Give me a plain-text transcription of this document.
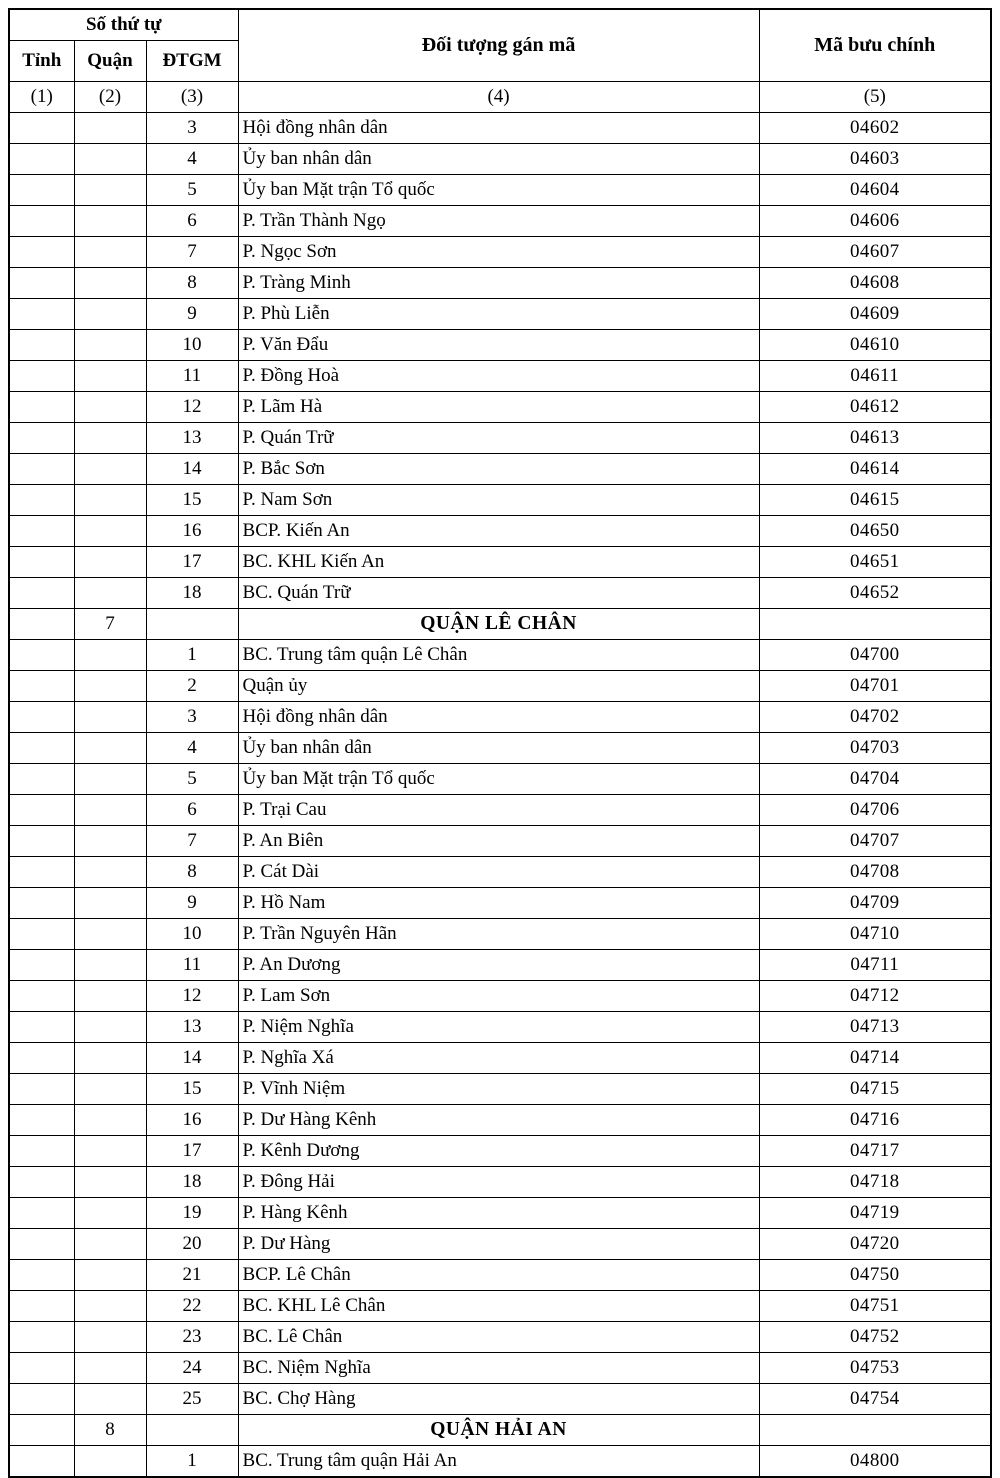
Số thứ tự			Đối tượng gán mã	Mã bưu chính
Tỉnh	Quận	ĐTGM		
(1)	(2)	(3)	(4)	(5)
		3	Hội đồng nhân dân	04602
		4	Ủy ban nhân dân	04603
		5	Ủy ban Mặt trận Tổ quốc	04604
		6	P. Trần Thành Ngọ	04606
		7	P. Ngọc Sơn	04607
		8	P. Tràng Minh	04608
		9	P. Phù Liễn	04609
		10	P. Văn Đẩu	04610
		11	P. Đồng Hoà	04611
		12	P. Lãm Hà	04612
		13	P. Quán Trữ	04613
		14	P. Bắc Sơn	04614
		15	P. Nam Sơn	04615
		16	BCP. Kiến An	04650
		17	BC. KHL Kiến An	04651
		18	BC. Quán Trữ	04652
	7		QUẬN LÊ CHÂN	
		1	BC. Trung tâm quận Lê Chân	04700
		2	Quận ủy	04701
		3	Hội đồng nhân dân	04702
		4	Ủy ban nhân dân	04703
		5	Ủy ban Mặt trận Tổ quốc	04704
		6	P. Trại Cau	04706
		7	P. An Biên	04707
		8	P. Cát Dài	04708
		9	P. Hồ Nam	04709
		10	P. Trần Nguyên Hãn	04710
		11	P. An Dương	04711
		12	P. Lam Sơn	04712
		13	P. Niệm Nghĩa	04713
		14	P. Nghĩa Xá	04714
		15	P. Vĩnh Niệm	04715
		16	P. Dư Hàng Kênh	04716
		17	P. Kênh Dương	04717
		18	P. Đông Hải	04718
		19	P. Hàng Kênh	04719
		20	P. Dư Hàng	04720
		21	BCP. Lê Chân	04750
		22	BC. KHL Lê Chân	04751
		23	BC. Lê Chân	04752
		24	BC. Niệm Nghĩa	04753
		25	BC. Chợ Hàng	04754
	8		QUẬN HẢI AN	
		1	BC. Trung tâm quận Hải An	04800
